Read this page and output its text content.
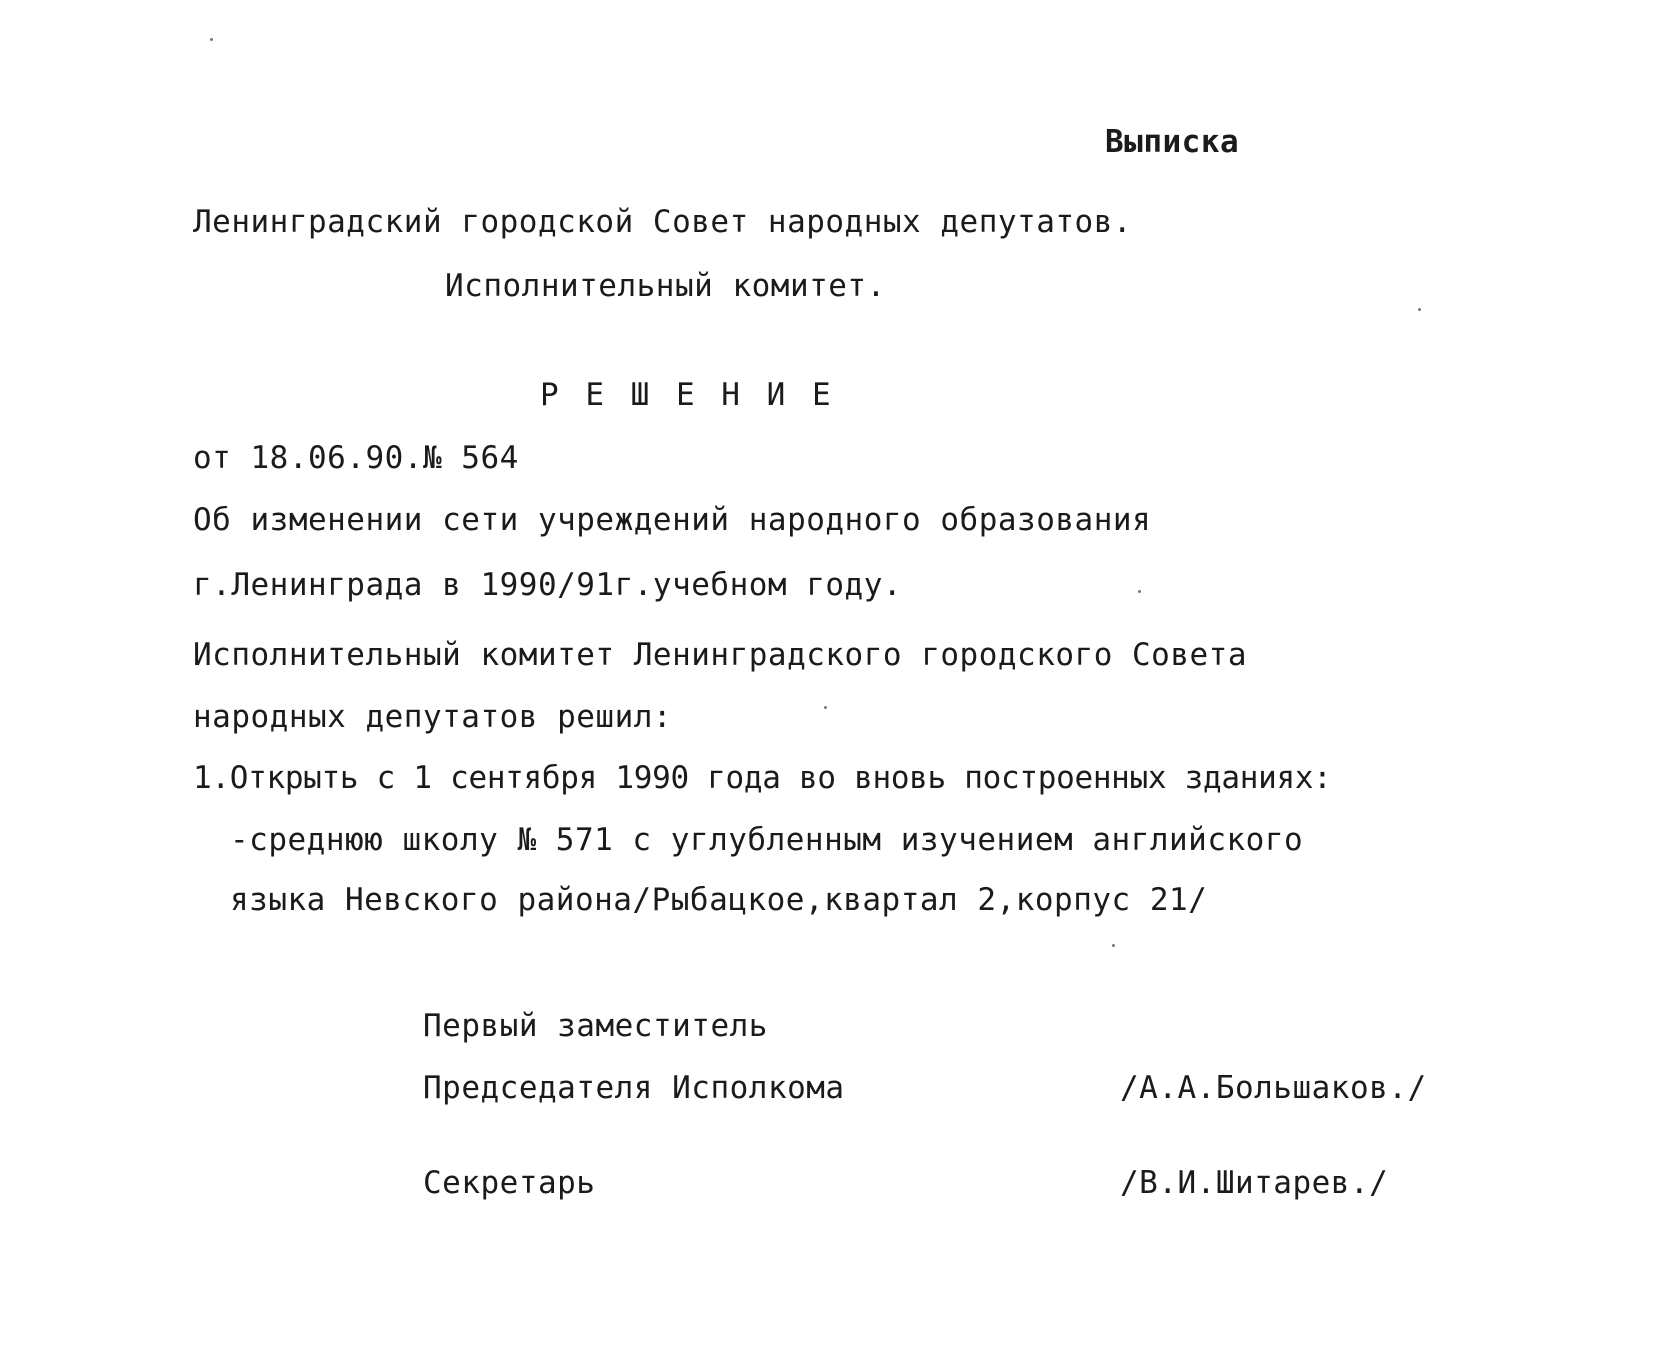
Выписка
Ленинградский городской Совет народных депутатов.
Исполнительный комитет.
Р Е Ш Е Н И Е
от 18.06.90.№ 564
Об изменении сети учреждений народного образования
г.Ленинграда в 1990/91г.учебном году.
Исполнительный комитет Ленинградского городского Совета
народных депутатов решил:
1.Открыть с 1 сентября 1990 года во вновь построенных зданиях:
-среднюю школу № 571 с углубленным изучением английского
языка Невского района/Рыбацкое,квартал 2,корпус 21/
Первый заместитель
Председателя Исполкома	/А.А.Большаков./
Секретарь	/В.И.Шитарев./
